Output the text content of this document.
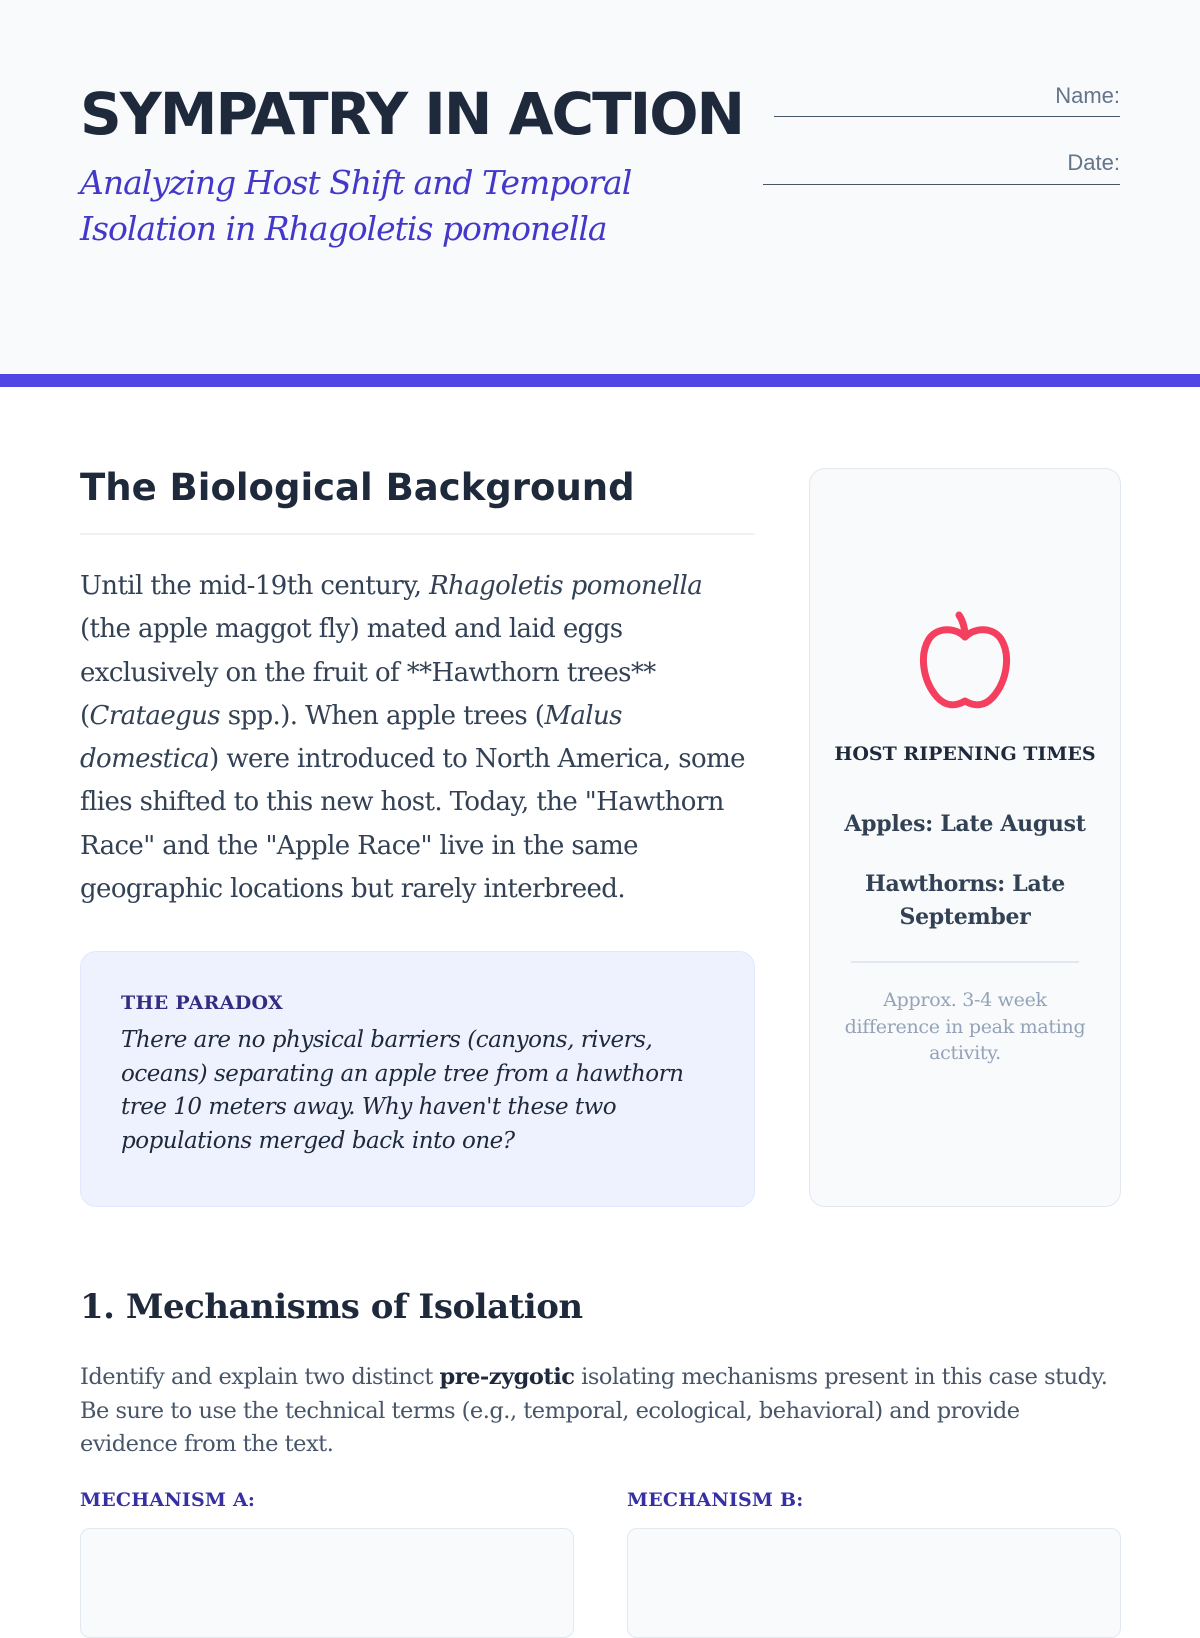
SYMPATRY IN ACTION

Analyzing Host Shift and Temporal Isolation in Rhagoletis pomonella

Name:
Date:
The Biological Background

Until the mid-19th century, Rhagoletis pomonella (the apple maggot fly) mated and laid eggs exclusively on the fruit of **Hawthorn trees** (Crataegus spp.). When apple trees (Malus domestica) were introduced to North America, some flies shifted to this new host. Today, the "Hawthorn Race" and the "Apple Race" live in the same geographic locations but rarely interbreed.

THE PARADOX

There are no physical barriers (canyons, rivers, oceans) separating an apple tree from a hawthorn tree 10 meters away. Why haven't these two populations merged back into one?

HOST RIPENING TIMES
Apples: Late August
Hawthorns: Late September
Approx. 3-4 week difference in peak mating activity.
1. Mechanisms of Isolation

Identify and explain two distinct pre-zygotic isolating mechanisms present in this case study. Be sure to use the technical terms (e.g., temporal, ecological, behavioral) and provide evidence from the text.

MECHANISM A:	MECHANISM B:
